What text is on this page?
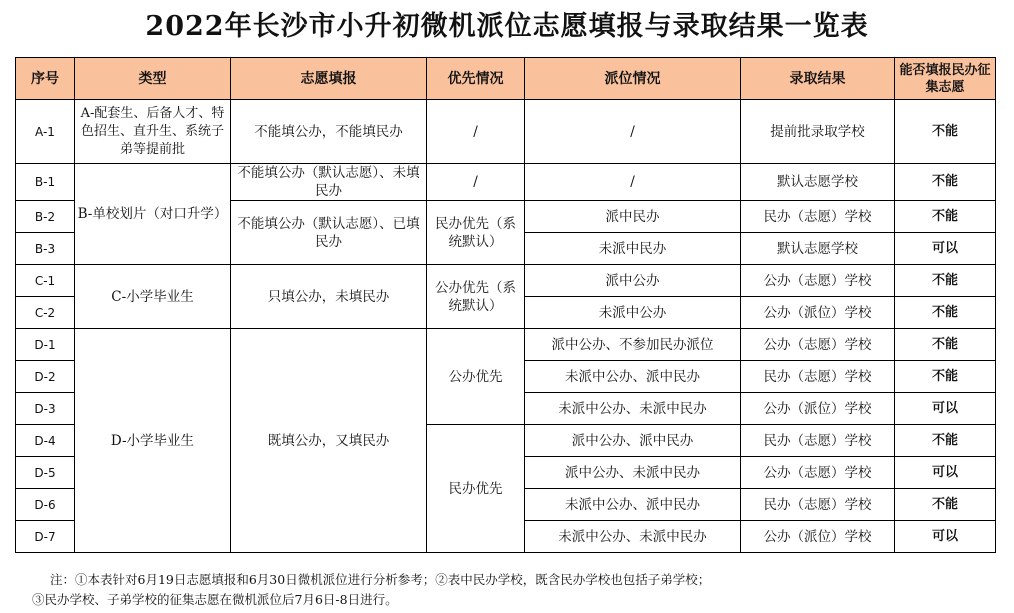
2022年长沙市小升初微机派位志愿填报与录取结果一览表
序号	类型	志愿填报	优先情况	派位情况	录取结果	能否填报民办征集志愿
A-1	A-配套生、后备人才、特色招生、直升生、系统子弟等提前批	不能填公办，不能填民办	/	/	提前批录取学校	不能
B-1	B-单校划片（对口升学）	不能填公办（默认志愿）、未填民办	/	/	默认志愿学校	不能
B-2		不能填公办（默认志愿）、已填民办	民办优先（系统默认）	派中民办	民办（志愿）学校	不能
B-3				未派中民办	默认志愿学校	可以
C-1	C-小学毕业生	只填公办，未填民办	公办优先（系统默认）	派中公办	公办（志愿）学校	不能
C-2				未派中公办	公办（派位）学校	不能
D-1	D-小学毕业生	既填公办，又填民办	公办优先	派中公办、不参加民办派位	公办（志愿）学校	不能
D-2				未派中公办、派中民办	民办（志愿）学校	不能
D-3				未派中公办、未派中民办	公办（派位）学校	可以
D-4			民办优先	派中公办、派中民办	民办（志愿）学校	不能
D-5				派中公办、未派中民办	公办（志愿）学校	可以
D-6				未派中公办、派中民办	民办（志愿）学校	不能
D-7				未派中公办、未派中民办	公办（派位）学校	可以
注：①本表针对6月19日志愿填报和6月30日微机派位进行分析参考；②表中民办学校，既含民办学校也包括子弟学校；
③民办学校、子弟学校的征集志愿在微机派位后7月6日-8日进行。
